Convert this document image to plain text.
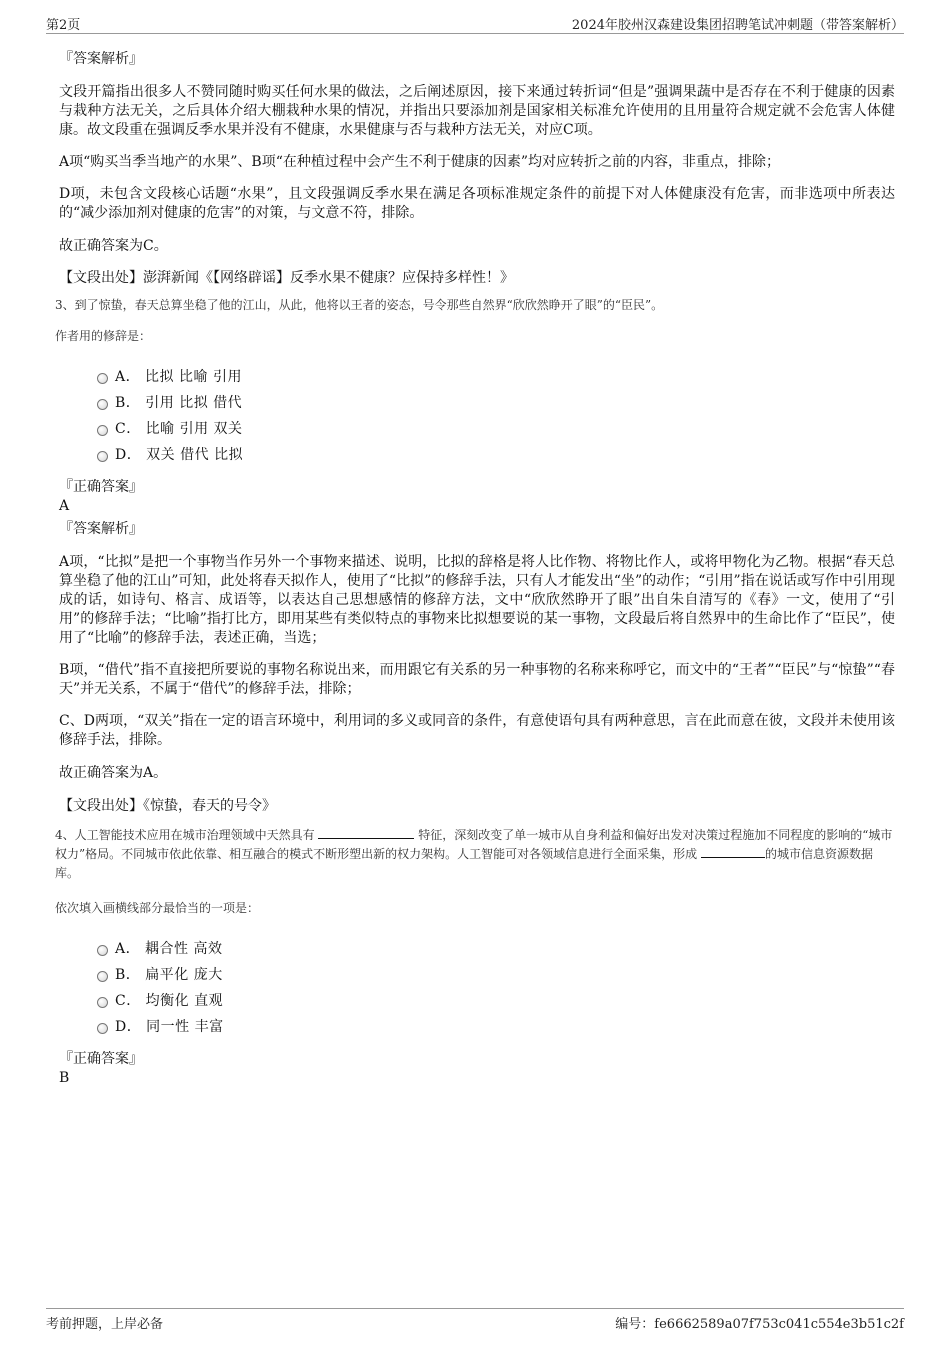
第2页	2024年胶州汉森建设集团招聘笔试冲刺题（带答案解析）
『答案解析』
文段开篇指出很多人不赞同随时购买任何水果的做法，之后阐述原因，接下来通过转折词“但是”强调果蔬中是否存在不利于健康的因素与栽种方法无关，之后具体介绍大棚栽种水果的情况，并指出只要添加剂是国家相关标准允许使用的且用量符合规定就不会危害人体健康。故文段重在强调反季水果并没有不健康，水果健康与否与栽种方法无关，对应C项。
A项“购买当季当地产的水果”、B项“在种植过程中会产生不利于健康的因素”均对应转折之前的内容，非重点，排除；
D项，未包含文段核心话题“水果”，且文段强调反季水果在满足各项标准规定条件的前提下对人体健康没有危害，而非选项中所表达的“减少添加剂对健康的危害”的对策，与文意不符，排除。
故正确答案为C。
【文段出处】澎湃新闻《【网络辟谣】反季水果不健康？应保持多样性！》
3、到了惊蛰，春天总算坐稳了他的江山，从此，他将以王者的姿态，号令那些自然界“欣欣然睁开了眼”的“臣民”。
作者用的修辞是：
A． 比拟 比喻 引用
B． 引用 比拟 借代
C． 比喻 引用 双关
D． 双关 借代 比拟
『正确答案』
A
『答案解析』
A项，“比拟”是把一个事物当作另外一个事物来描述、说明，比拟的辞格是将人比作物、将物比作人，或将甲物化为乙物。根据“春天总算坐稳了他的江山”可知，此处将春天拟作人，使用了“比拟”的修辞手法，只有人才能发出“坐”的动作；“引用”指在说话或写作中引用现成的话，如诗句、格言、成语等，以表达自己思想感情的修辞方法，文中“欣欣然睁开了眼”出自朱自清写的《春》一文，使用了“引用”的修辞手法；“比喻”指打比方，即用某些有类似特点的事物来比拟想要说的某一事物，文段最后将自然界中的生命比作了“臣民”，使用了“比喻”的修辞手法，表述正确，当选；
B项，“借代”指不直接把所要说的事物名称说出来，而用跟它有关系的另一种事物的名称来称呼它，而文中的“王者”“臣民”与“惊蛰”“春天”并无关系，不属于“借代”的修辞手法，排除；
C、D两项，“双关”指在一定的语言环境中，利用词的多义或同音的条件，有意使语句具有两种意思，言在此而意在彼，文段并未使用该修辞手法，排除。
故正确答案为A。
【文段出处】《惊蛰，春天的号令》
4、人工智能技术应用在城市治理领域中天然具有	特征，深刻改变了单一城市从自身利益和偏好出发对决策过程施加不同程度的影响的“城市权力”格局。不同城市依此依靠、相互融合的模式不断形塑出新的权力架构。人工智能可对各领域信息进行全面采集，形成	的城市信息资源数据库。
依次填入画横线部分最恰当的一项是：
A． 耦合性 高效
B． 扁平化 庞大
C． 均衡化 直观
D． 同一性 丰富
『正确答案』
B
考前押题，上岸必备	编号：fe6662589a07f753c041c554e3b51c2f
